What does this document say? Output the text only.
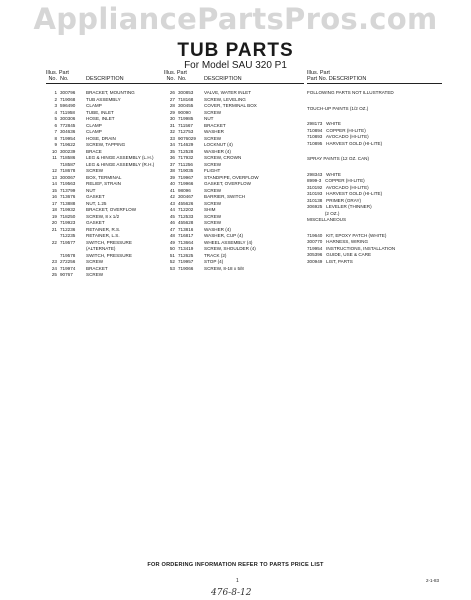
AppliancePartsPros.com
TUB PARTS
For Model SAU 320 P1
Illus. Part
No. No.	DESCRIPTION
1 300796 BRACKET, MOUNTING
2 719068 TUB ASSEMBLY
3 596490 CLAMP
4 711958 TUBE, INLET
5 300306 HOSE, INLET
6 772845 CLAMP
7 304636 CLAMP
8 719954 HOSE, DRAIN
9 719622 SCREW, TAPPING
10 300239 BRACE
11 718586 LEG & HINGE ASSEMBLY (L.H.)
718587 LEG & HINGE ASSEMBLY (R.H.)
12 718678 SCREW
13 300067 BOX, TERMINAL
14 719563 RELIEF, STRAIN
15 713799 NUT
16 713676 GASKET
17 713888 NUT, 1.25
18 719932 BRACKET, OVERFLOW
19 718250 SCREW, 8 x 1/2
20 719923 GASKET
21 712236 RETAINER, R.S.
712235 RETAINER, L.S.
22 719577 SWITCH, PRESSURE
(ALTERNATE)
719578 SWITCH, PRESSURE
23 272256 SCREW
24 719974 BRACKET
25 90767	SCREW
Illus. Part
No. No.	DESCRIPTION
26 300853 VALVE, WATER INLET
27 718168 SCREW, LEVELING
28 300455 COVER, TERMINAL BOX
29 90090	SCREW
30 719985 NUT
31 711567 BRACKET
32 712753 WASHER
33 9076029 SCREW
34 714629 LOCKNUT (4)
35 712528 WASHER (4)
36 717932 SCREW, CROWN
37 711256 SCREW
38 719035 FLIGHT
39 719967 STANDPIPE, OVERFLOW
40 719966 GASKET, OVERFLOW
41 98096	SCREW
42 300467 BARRIER, SWITCH
43 455626 SCREW
44 712202 SHIM
45 712533 SCREW
46 455628 SCREW
47 713816 WASHER (4)
48 716817 WASHER, CUP (4)
49 713664 WHEEL ASSEMBLY (4)
50 713419 SCREW, SHOULDER (4)
51 712625 TRACK (2)
52 719957 STOP (4)
53 719066 SCREW, 8-18 x 5/8
Illus. Part
Part No. DESCRIPTION
FOLLOWING PARTS NOT ILLUSTRATED
TOUCH-UP PAINTS (1/2 OZ.)
298173   WHITE
710894   COPPER (HI-LITE)
710893   AVOCADO (HI-LITE)
710895   HARVEST GOLD (HI-LITE)
SPRAY PAINTS (12 OZ. CAN)
298343   WHITE
8999-3   COPPER (HI-LITE)
310192   AVOCADO (HI-LITE)
310193   HARVEST GOLD (HI-LITE)
310138   PRIMER (GRAY)
306925   LEVELER (THINNER)
(2 OZ.)
MISCELLANEOUS
719640   KIT, EPOXY PATCH (WHITE)
300770   HARNESS, WIRING
719954   INSTRUCTIONS, INSTALLATION
305396   GUIDE, USE & CARE
300949   LIST, PARTS
FOR ORDERING INFORMATION REFER TO PARTS PRICE LIST
1	2-1-83
476-8-12
